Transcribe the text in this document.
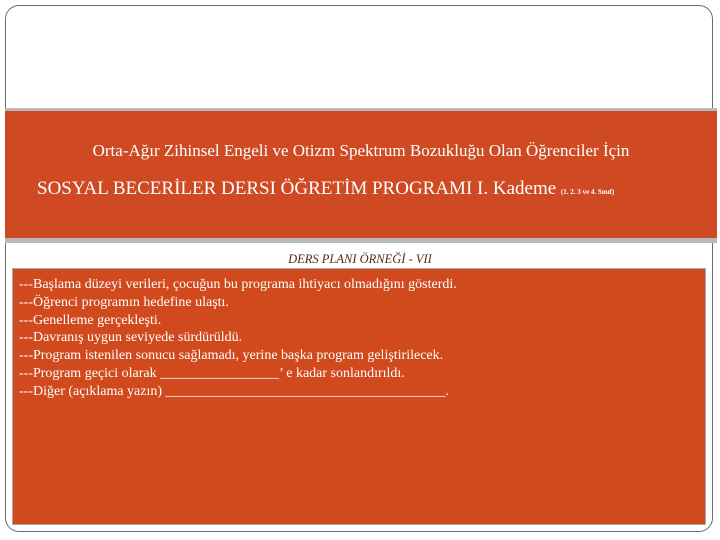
Orta-Ağır Zihinsel Engeli ve Otizm Spektrum Bozukluğu Olan Öğrenciler İçin
SOSYAL BECERİLER DERSI ÖĞRETİM PROGRAMI I. Kademe (1. 2. 3 ve 4. Sınıf)
DERS PLANI ÖRNEĞİ - VII
---Başlama düzeyi verileri, çocuğun bu programa ihtiyacı olmadığını gösterdi.
---Öğrenci programın hedefine ulaştı.
---Genelleme gerçekleşti.
---Davranış uygun seviyede sürdürüldü.
---Program istenilen sonucu sağlamadı, yerine başka program geliştirilecek.
---Program geçici olarak _________________’ e kadar sonlandırıldı.
---Diğer (açıklama yazın) ________________________________________.
